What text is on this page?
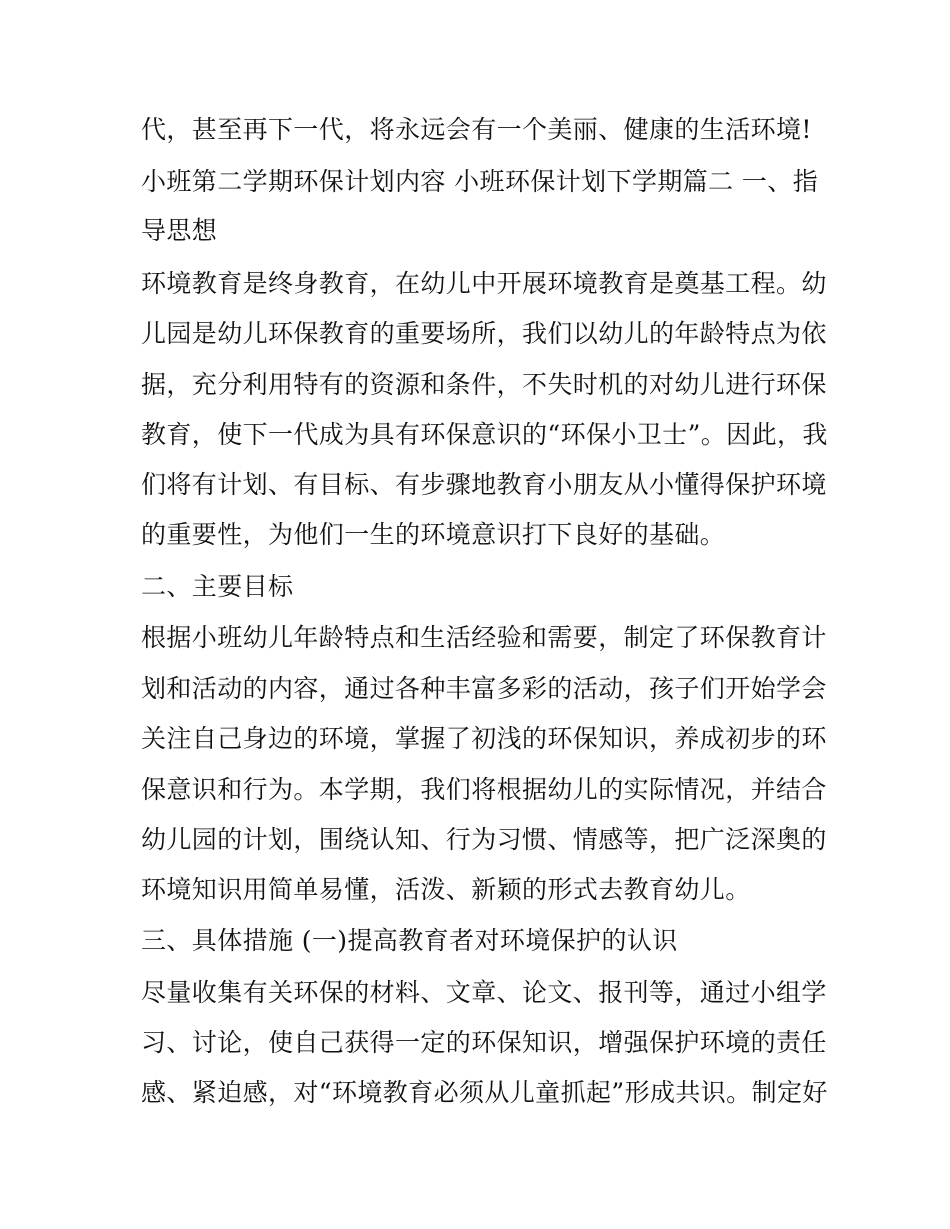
代，甚至再下一代，将永远会有一个美丽、健康的生活环境!
小班第二学期环保计划内容 小班环保计划下学期篇二 一、指
导思想
环境教育是终身教育，在幼儿中开展环境教育是奠基工程。幼
儿园是幼儿环保教育的重要场所，我们以幼儿的年龄特点为依
据，充分利用特有的资源和条件，不失时机的对幼儿进行环保
教育，使下一代成为具有环保意识的“环保小卫士”。因此，我
们将有计划、有目标、有步骤地教育小朋友从小懂得保护环境
的重要性，为他们一生的环境意识打下良好的基础。
二、主要目标
根据小班幼儿年龄特点和生活经验和需要，制定了环保教育计
划和活动的内容，通过各种丰富多彩的活动，孩子们开始学会
关注自己身边的环境，掌握了初浅的环保知识，养成初步的环
保意识和行为。本学期，我们将根据幼儿的实际情况，并结合
幼儿园的计划，围绕认知、行为习惯、情感等，把广泛深奥的
环境知识用简单易懂，活泼、新颖的形式去教育幼儿。
三、具体措施 (一)提高教育者对环境保护的认识
尽量收集有关环保的材料、文章、论文、报刊等，通过小组学
习、讨论，使自己获得一定的环保知识，增强保护环境的责任
感、紧迫感，对“环境教育必须从儿童抓起”形成共识。制定好
